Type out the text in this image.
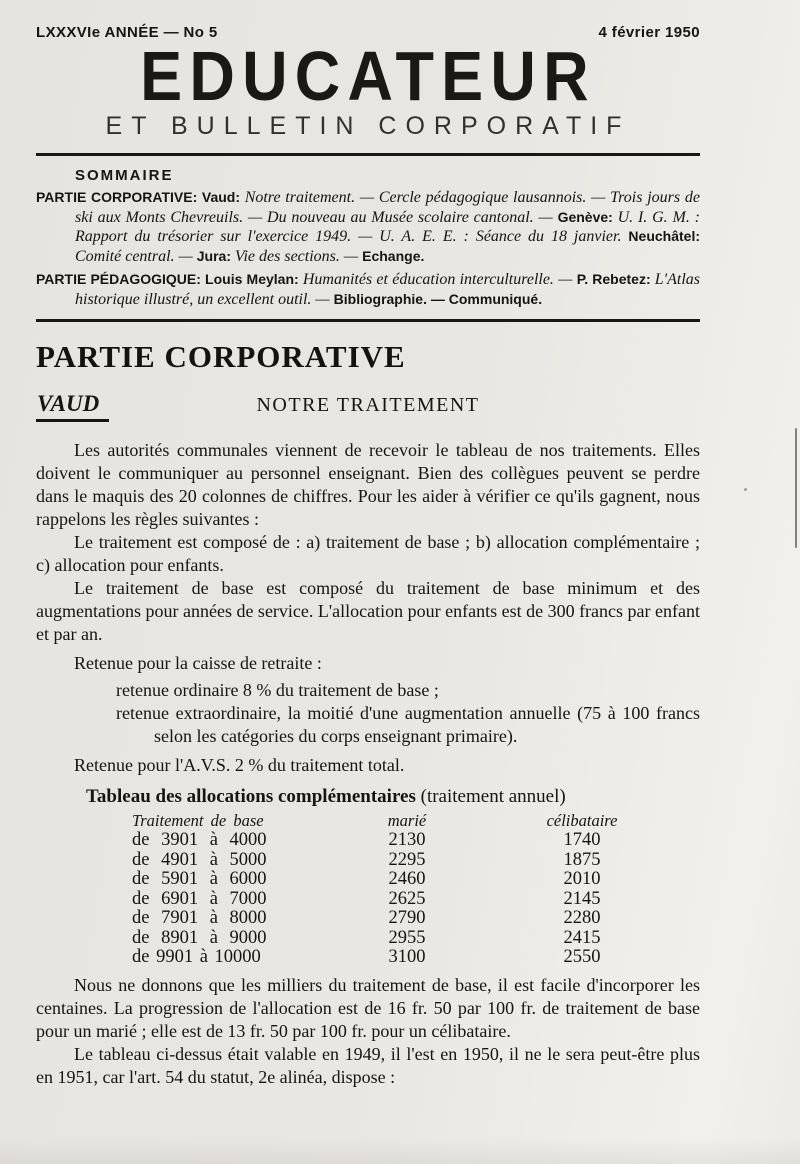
LXXXVIe ANNÉE — No 5	4 février 1950
EDUCATEUR
ET BULLETIN CORPORATIF
SOMMAIRE

PARTIE CORPORATIVE: Vaud: Notre traitement. — Cercle pédagogique lausannois. — Trois jours de ski aux Monts Chevreuils. — Du nouveau au Musée scolaire cantonal. — Genève: U. I. G. M. : Rapport du trésorier sur l'exercice 1949. — U. A. E. E. : Séance du 18 janvier. Neuchâtel: Comité central. — Jura: Vie des sections. — Echange.

PARTIE PÉDAGOGIQUE: Louis Meylan: Humanités et éducation interculturelle. — P. Rebetez: L'Atlas historique illustré, un excellent outil. — Bibliographie. — Communiqué.

PARTIE CORPORATIVE
VAUD	NOTRE TRAITEMENT

Les autorités communales viennent de recevoir le tableau de nos traitements. Elles doivent le communiquer au personnel enseignant. Bien des collègues peuvent se perdre dans le maquis des 20 colonnes de chiffres. Pour les aider à vérifier ce qu'ils gagnent, nous rappelons les règles suivantes :

Le traitement est composé de : a) traitement de base ; b) allocation complémentaire ; c) allocation pour enfants.

Le traitement de base est composé du traitement de base minimum et des augmentations pour années de service. L'allocation pour enfants est de 300 francs par enfant et par an.

Retenue pour la caisse de retraite :

retenue ordinaire 8 % du traitement de base ;
retenue extraordinaire, la moitié d'une augmentation annuelle (75 à 100 francs selon les catégories du corps enseignant primaire).

Retenue pour l'A.V.S. 2 % du traitement total.

Tableau des allocations complémentaires (traitement annuel)
Traitement de base	marié	célibataire
de 3901 à 4000	2130	1740
de 4901 à 5000	2295	1875
de 5901 à 6000	2460	2010
de 6901 à 7000	2625	2145
de 7901 à 8000	2790	2280
de 8901 à 9000	2955	2415
de 9901 à 10000	3100	2550

Nous ne donnons que les milliers du traitement de base, il est facile d'incorporer les centaines. La progression de l'allocation est de 16 fr. 50 par 100 fr. de traitement de base pour un marié ; elle est de 13 fr. 50 par 100 fr. pour un célibataire.

Le tableau ci-dessus était valable en 1949, il l'est en 1950, il ne le sera peut-être plus en 1951, car l'art. 54 du statut, 2e alinéa, dispose :
